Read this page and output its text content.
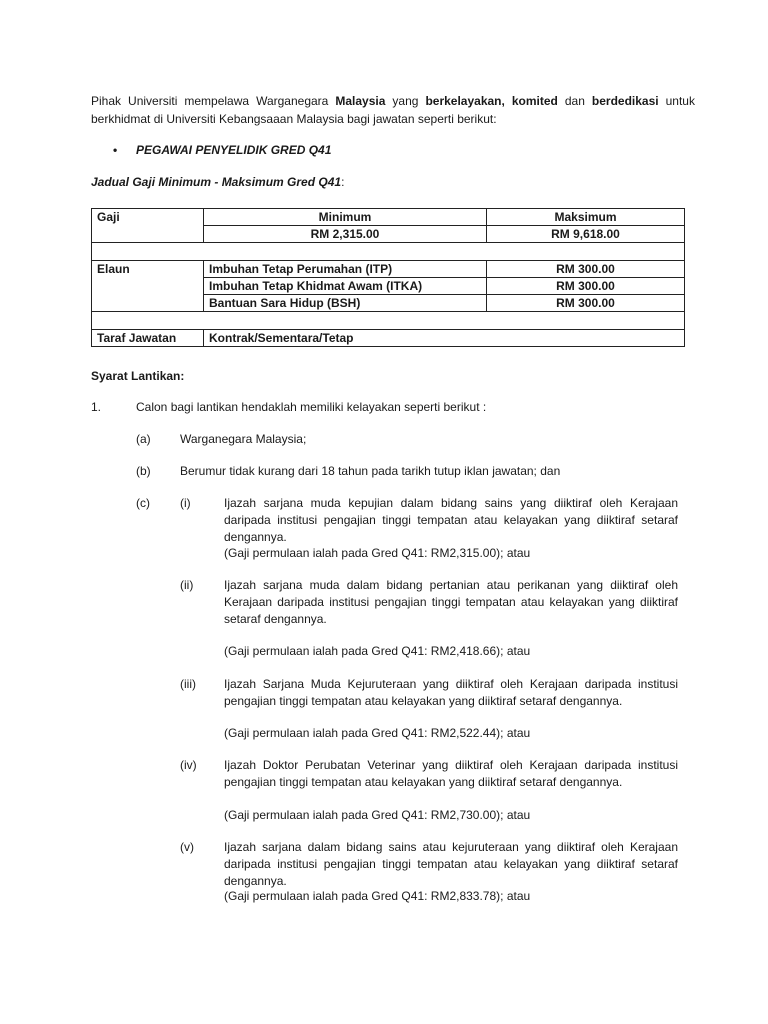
Pihak Universiti mempelawa Warganegara Malaysia yang berkelayakan, komited dan berdedikasi untuk berkhidmat di Universiti Kebangsaaan Malaysia bagi jawatan seperti berikut:
• PEGAWAI PENYELIDIK GRED Q41
Jadual Gaji Minimum - Maksimum Gred Q41:
Gaji	Minimum	Maksimum
	RM 2,315.00	RM 9,618.00

Elaun	Imbuhan Tetap Perumahan (ITP)	RM 300.00
	Imbuhan Tetap Khidmat Awam (ITKA)	RM 300.00
	Bantuan Sara Hidup (BSH)	RM 300.00

Taraf Jawatan	Kontrak/Sementara/Tetap	
Syarat Lantikan:
1.	Calon bagi lantikan hendaklah memiliki kelayakan seperti berikut :
(a) Warganegara Malaysia;
(b) Berumur tidak kurang dari 18 tahun pada tarikh tutup iklan jawatan; dan
(c)	(i)	Ijazah sarjana muda kepujian dalam bidang sains yang diiktiraf oleh Kerajaan daripada institusi pengajian tinggi tempatan atau kelayakan yang diiktiraf setaraf dengannya.
(Gaji permulaan ialah pada Gred Q41: RM2,315.00); atau
(ii)	Ijazah sarjana muda dalam bidang pertanian atau perikanan yang diiktiraf oleh Kerajaan daripada institusi pengajian tinggi tempatan atau kelayakan yang diiktiraf setaraf dengannya.
(Gaji permulaan ialah pada Gred Q41: RM2,418.66); atau
(iii) Ijazah Sarjana Muda Kejuruteraan yang diiktiraf oleh Kerajaan daripada institusi pengajian tinggi tempatan atau kelayakan yang diiktiraf setaraf dengannya.
(Gaji permulaan ialah pada Gred Q41: RM2,522.44); atau
(iv) Ijazah Doktor Perubatan Veterinar yang diiktiraf oleh Kerajaan daripada institusi pengajian tinggi tempatan atau kelayakan yang diiktiraf setaraf dengannya.
(Gaji permulaan ialah pada Gred Q41: RM2,730.00); atau
(v)	Ijazah sarjana dalam bidang sains atau kejuruteraan yang diiktiraf oleh Kerajaan daripada institusi pengajian tinggi tempatan atau kelayakan yang diiktiraf setaraf dengannya.
(Gaji permulaan ialah pada Gred Q41: RM2,833.78); atau
